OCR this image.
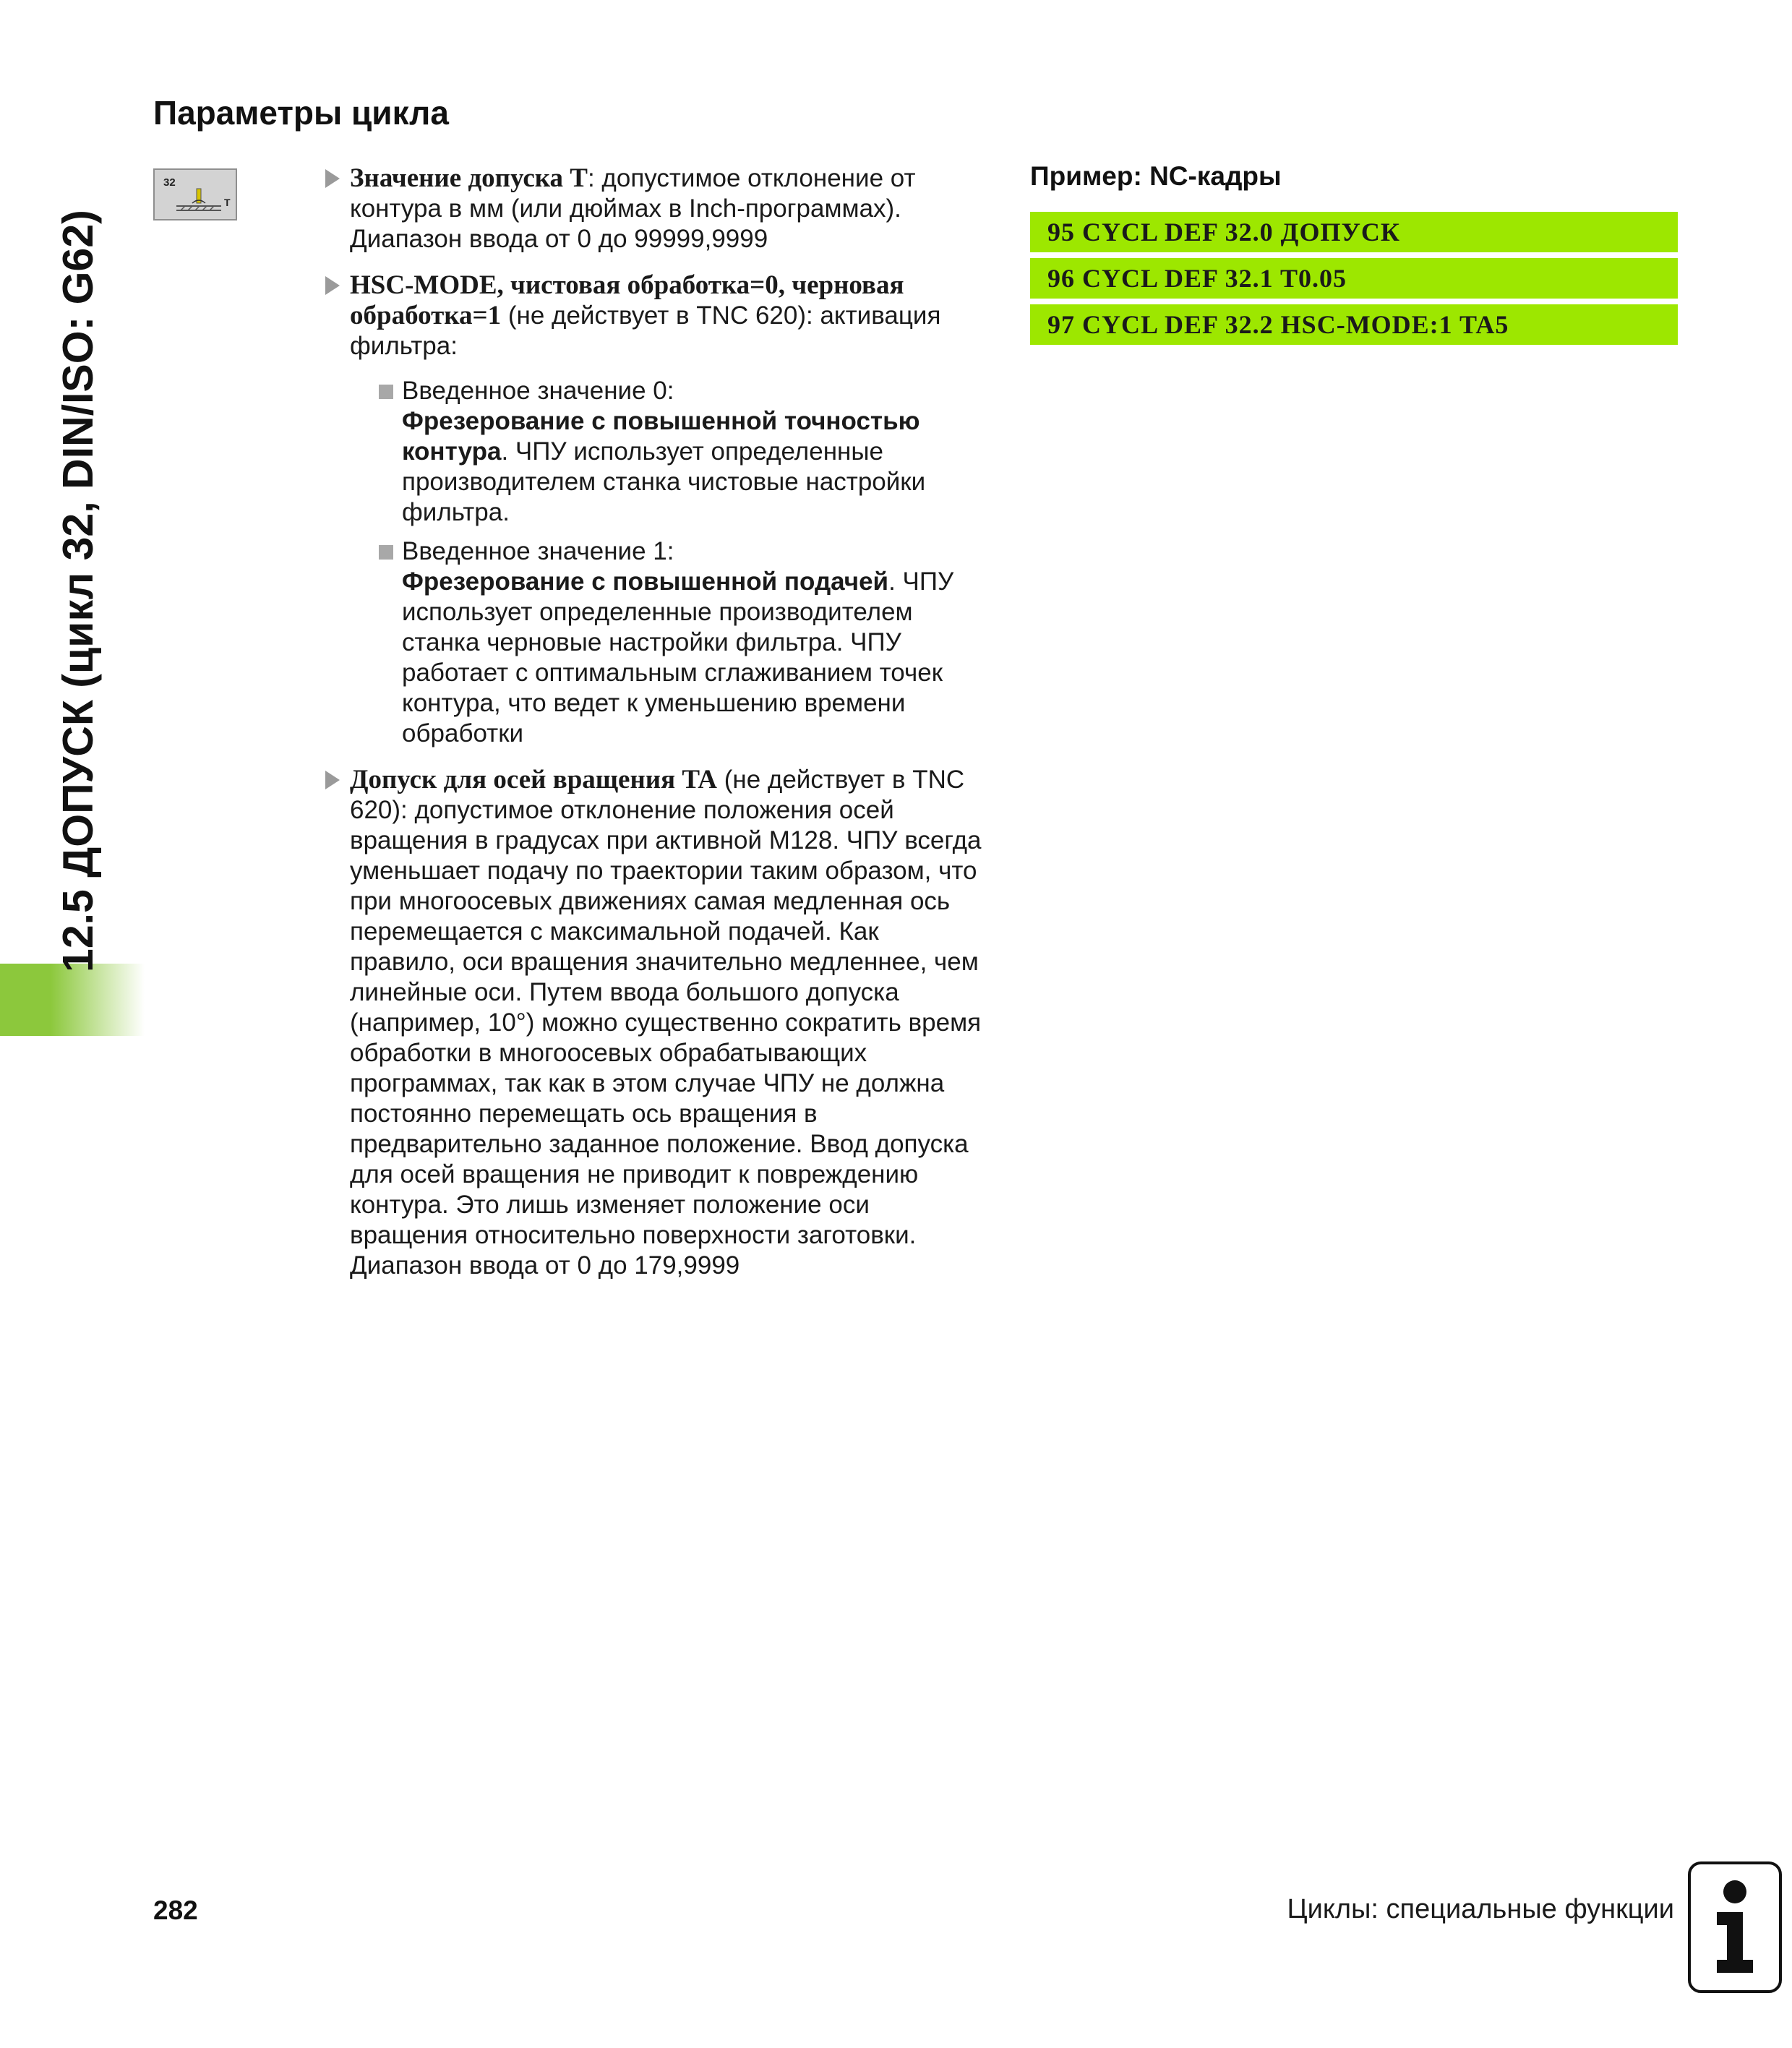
12.5 ДОПУСК (цикл 32, DIN/ISO: G62)
Параметры цикла
32
T
Значение допуска T: допустимое отклонение от контура в мм (или дюймах в Inch-программах). Диапазон ввода от 0 до 99999,9999
HSC-MODE, чистовая обработка=0, черновая обработка=1 (не действует в TNC 620): активация фильтра:
Введенное значение 0:
Фрезерование с повышенной точностью контура. ЧПУ использует определенные производителем станка чистовые настройки фильтра.
Введенное значение 1:
Фрезерование с повышенной подачей. ЧПУ использует определенные производителем станка черновые настройки фильтра. ЧПУ работает с оптимальным сглаживанием точек контура, что ведет к уменьшению времени обработки
Допуск для осей вращения TA (не действует в TNC 620): допустимое отклонение положения осей вращения в градусах при активной M128. ЧПУ всегда уменьшает подачу по траектории таким образом, что при многоосевых движениях самая медленная ось перемещается с максимальной подачей. Как правило, оси вращения значительно медленнее, чем линейные оси. Путем ввода большого допуска (например, 10°) можно существенно сократить время обработки в многоосевых обрабатывающих программах, так как в этом случае ЧПУ не должна постоянно перемещать ось вращения в предварительно заданное положение. Ввод допуска для осей вращения не приводит к повреждению контура. Это лишь изменяет положение оси вращения относительно поверхности заготовки. Диапазон ввода от 0 до 179,9999
Пример: NC-кадры
95 CYCL DEF 32.0 ДОПУСК
96 CYCL DEF 32.1 T0.05
97 CYCL DEF 32.2 HSC-MODE:1 TA5
282	Циклы: специальные функции
